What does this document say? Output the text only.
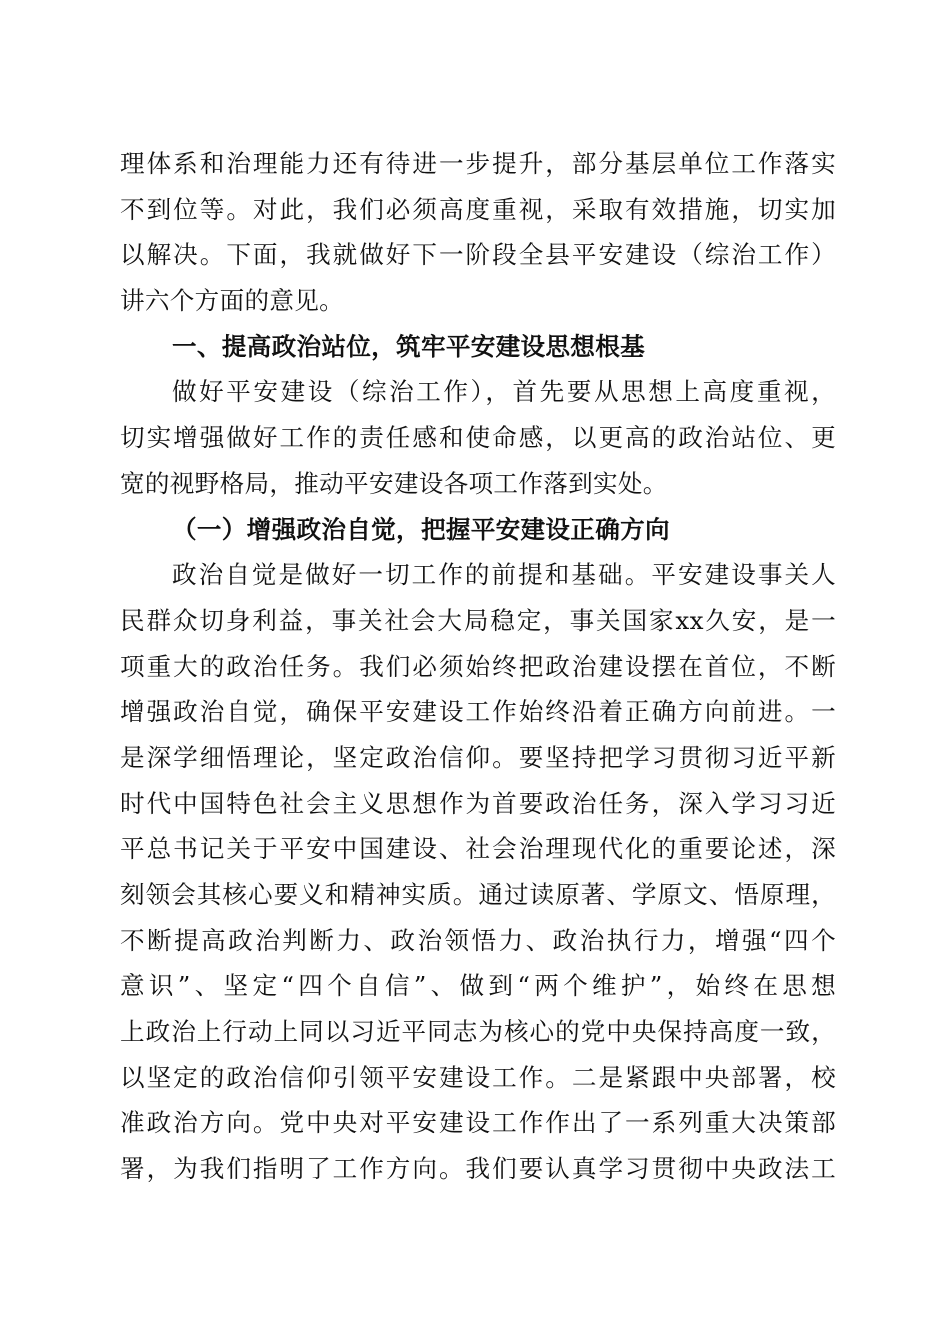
理体系和治理能力还有待进一步提升，部分基层单位工作落实
不到位等。对此，我们必须高度重视，采取有效措施，切实加
以解决。下面，我就做好下一阶段全县平安建设（综治工作）
讲六个方面的意见。
一、提高政治站位，筑牢平安建设思想根基
做好平安建设（综治工作），首先要从思想上高度重视，
切实增强做好工作的责任感和使命感，以更高的政治站位、更
宽的视野格局，推动平安建设各项工作落到实处。
（一）增强政治自觉，把握平安建设正确方向
政治自觉是做好一切工作的前提和基础。平安建设事关人
民群众切身利益，事关社会大局稳定，事关国家xx久安，是一
项重大的政治任务。我们必须始终把政治建设摆在首位，不断
增强政治自觉，确保平安建设工作始终沿着正确方向前进。一
是深学细悟理论，坚定政治信仰。要坚持把学习贯彻习近平新
时代中国特色社会主义思想作为首要政治任务，深入学习习近
平总书记关于平安中国建设、社会治理现代化的重要论述，深
刻领会其核心要义和精神实质。通过读原著、学原文、悟原理，
不断提高政治判断力、政治领悟力、政治执行力，增强“四个
意识”、坚定“四个自信”、做到“两个维护”，始终在思想
上政治上行动上同以习近平同志为核心的党中央保持高度一致，
以坚定的政治信仰引领平安建设工作。二是紧跟中央部署，校
准政治方向。党中央对平安建设工作作出了一系列重大决策部
署，为我们指明了工作方向。我们要认真学习贯彻中央政法工
